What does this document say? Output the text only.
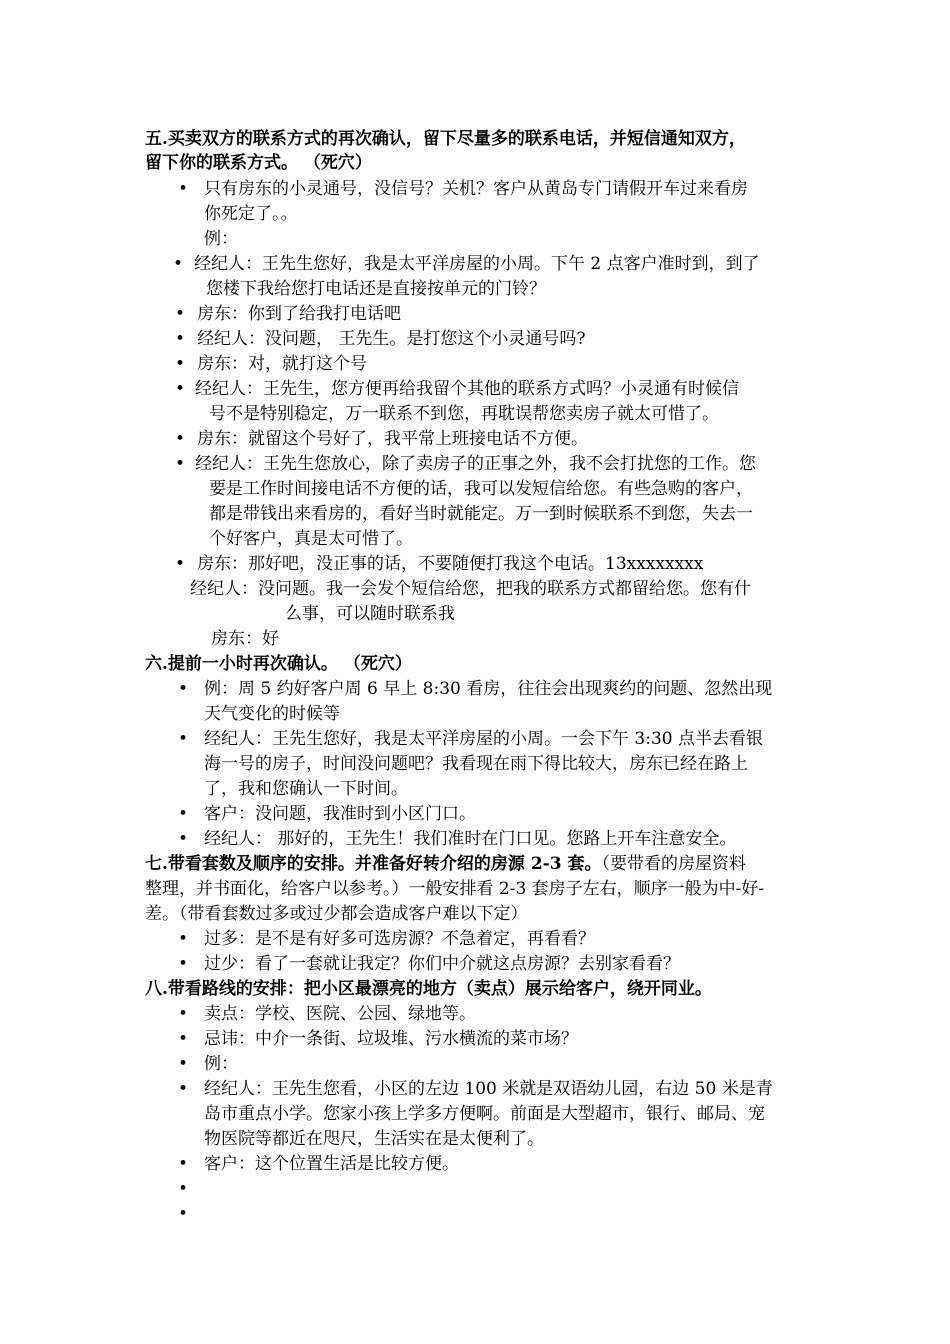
五.买卖双方的联系方式的再次确认，留下尽量多的联系电话，并短信通知双方，
留下你的联系方式。 （死穴）
• 只有房东的小灵通号，没信号？关机？客户从黄岛专门请假开车过来看房
你死定了。。
例：
• 经纪人：王先生您好，我是太平洋房屋的小周。下午 2 点客户准时到，到了
您楼下我给您打电话还是直接按单元的门铃？
• 房东：你到了给我打电话吧
• 经纪人：没问题， 王先生。是打您这个小灵通号吗?
• 房东：对，就打这个号
• 经纪人：王先生，您方便再给我留个其他的联系方式吗？小灵通有时候信
号不是特别稳定，万一联系不到您，再耽误帮您卖房子就太可惜了。
• 房东：就留这个号好了，我平常上班接电话不方便。
• 经纪人：王先生您放心，除了卖房子的正事之外，我不会打扰您的工作。您
要是工作时间接电话不方便的话，我可以发短信给您。有些急购的客户，
都是带钱出来看房的，看好当时就能定。万一到时候联系不到您，失去一
个好客户，真是太可惜了。
• 房东：那好吧，没正事的话，不要随便打我这个电话。13xxxxxxxx
经纪人：没问题。我一会发个短信给您，把我的联系方式都留给您。您有什
么事，可以随时联系我
房东：好
六.提前一小时再次确认。 （死穴）
• 例：周 5 约好客户周 6 早上 8:30 看房，往往会出现爽约的问题、忽然出现
天气变化的时候等
• 经纪人：王先生您好，我是太平洋房屋的小周。一会下午 3:30 点半去看银
海一号的房子，时间没问题吧？我看现在雨下得比较大，房东已经在路上
了，我和您确认一下时间。
• 客户：没问题，我准时到小区门口。
• 经纪人： 那好的，王先生！我们准时在门口见。您路上开车注意安全。
七.带看套数及顺序的安排。并准备好转介绍的房源 2-3 套。（要带看的房屋资料
整理，并书面化，给客户以参考。）一般安排看 2-3 套房子左右，顺序一般为中-好-
差。（带看套数过多或过少都会造成客户难以下定）
• 过多：是不是有好多可选房源？不急着定，再看看？
• 过少：看了一套就让我定？你们中介就这点房源？去别家看看？
八.带看路线的安排：把小区最漂亮的地方（卖点）展示给客户，绕开同业。
• 卖点：学校、医院、公园、绿地等。
• 忌讳：中介一条街、垃圾堆、污水横流的菜市场？
• 例：
• 经纪人：王先生您看，小区的左边 100 米就是双语幼儿园，右边 50 米是青
岛市重点小学。您家小孩上学多方便啊。前面是大型超市，银行、邮局、宠
物医院等都近在咫尺，生活实在是太便利了。
• 客户：这个位置生活是比较方便。
•
•
